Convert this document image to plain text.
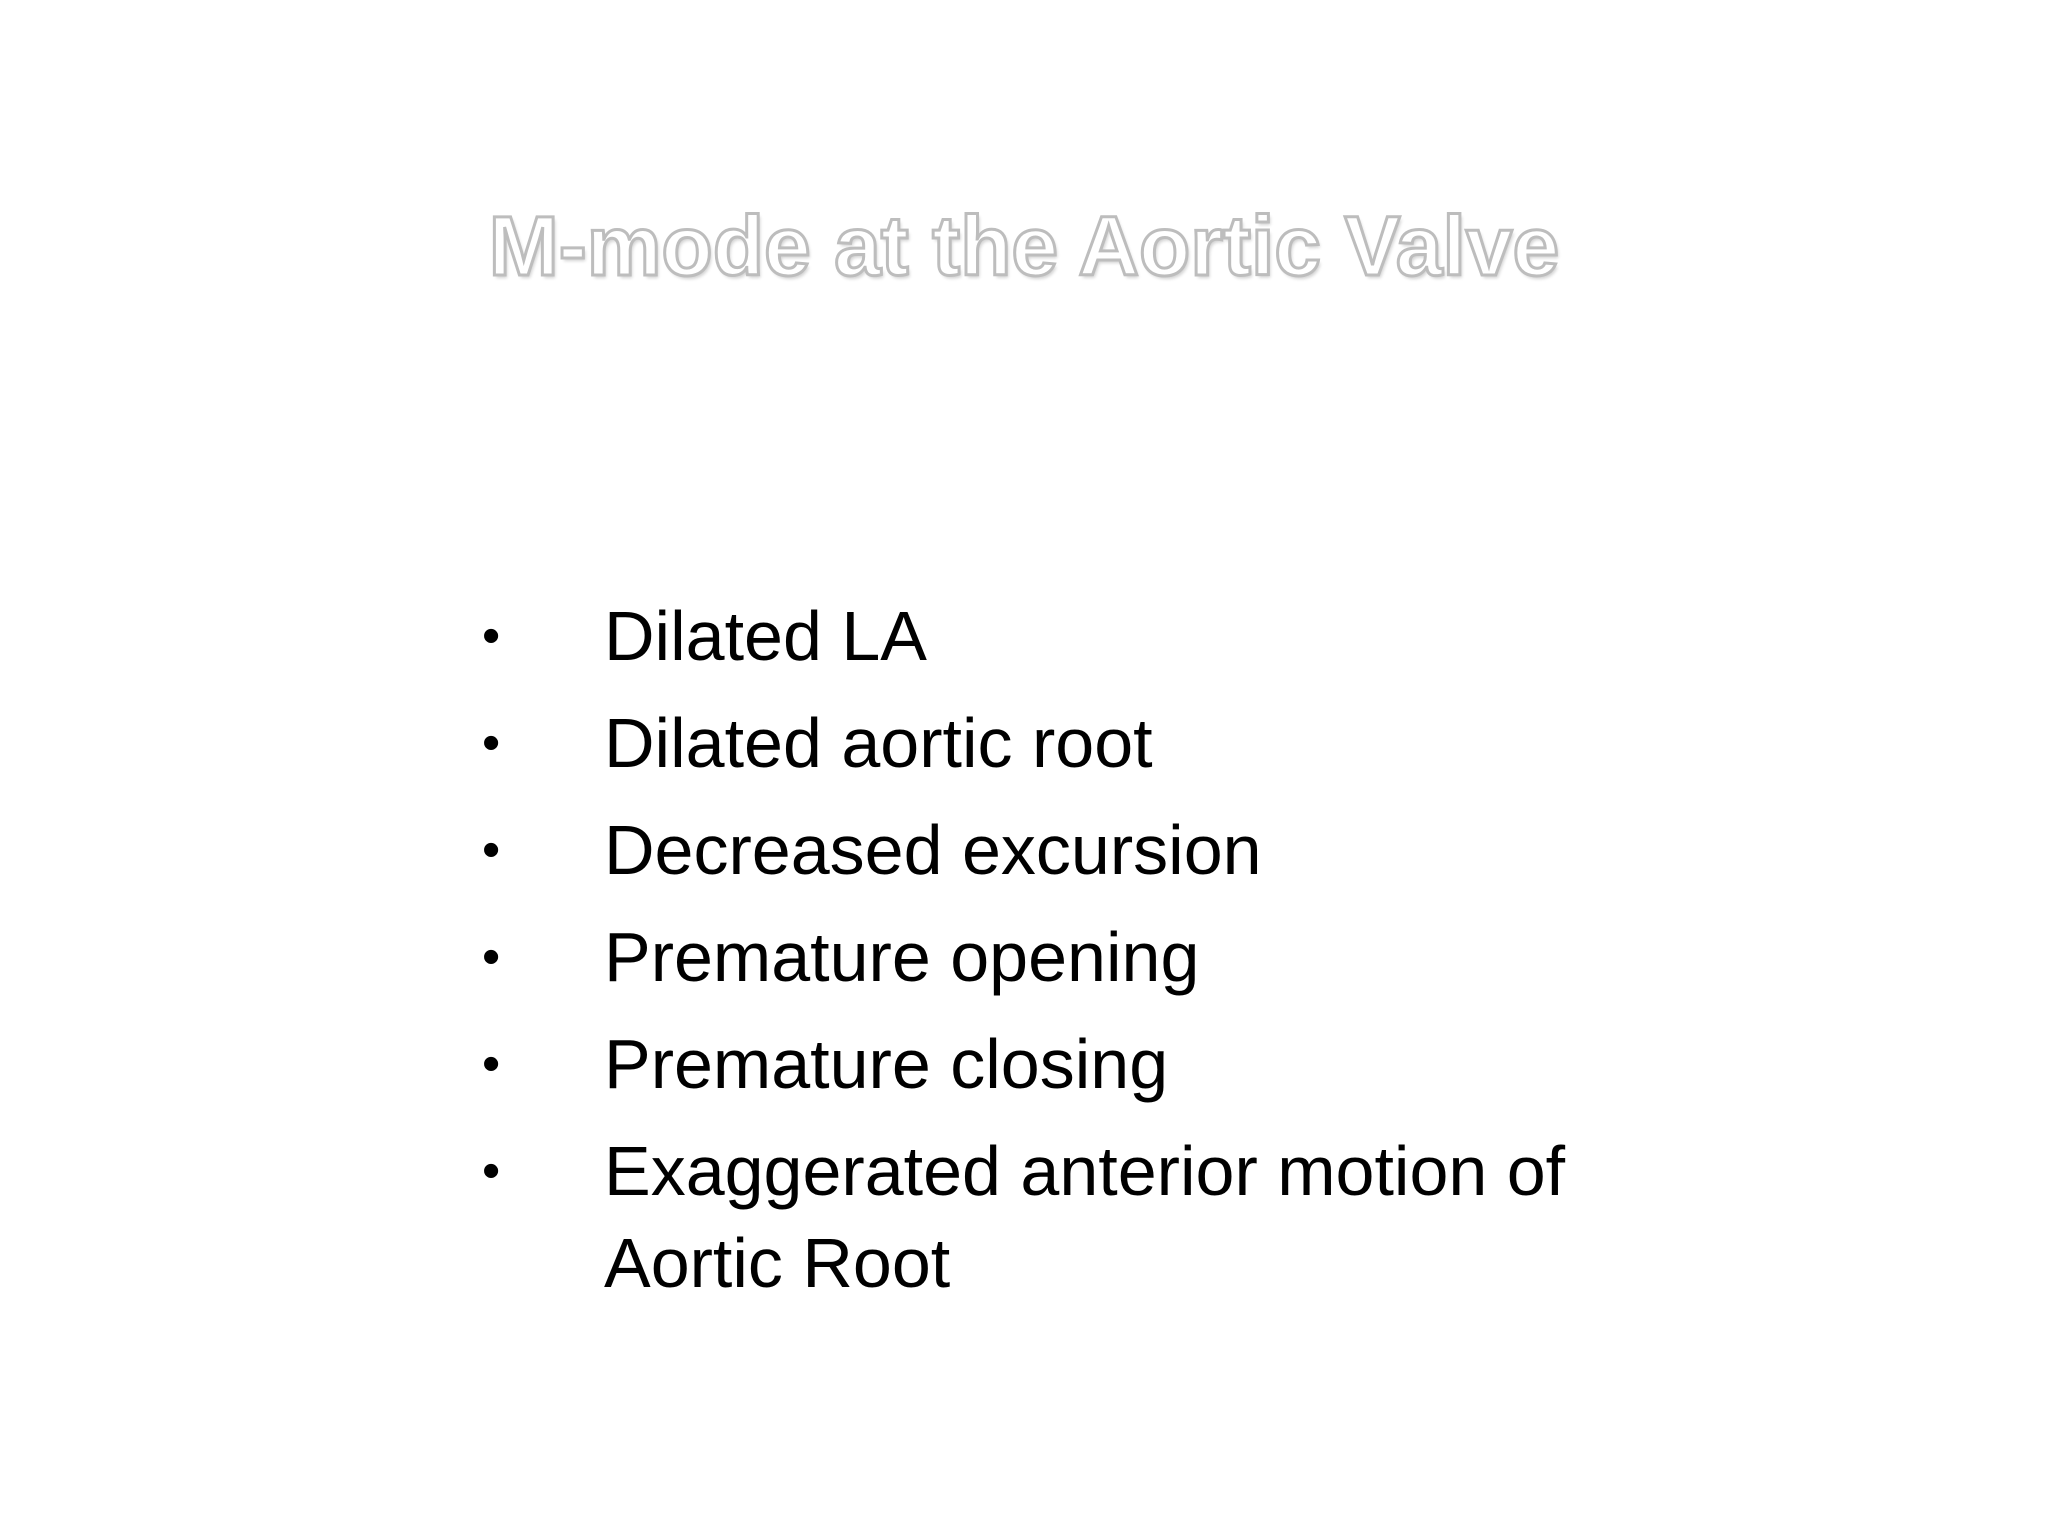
M-mode at the Aortic Valve
•	Dilated LA
•	Dilated aortic root
•	Decreased excursion
•	Premature opening
•	Premature closing
•	Exaggerated anterior motion of Aortic Root
